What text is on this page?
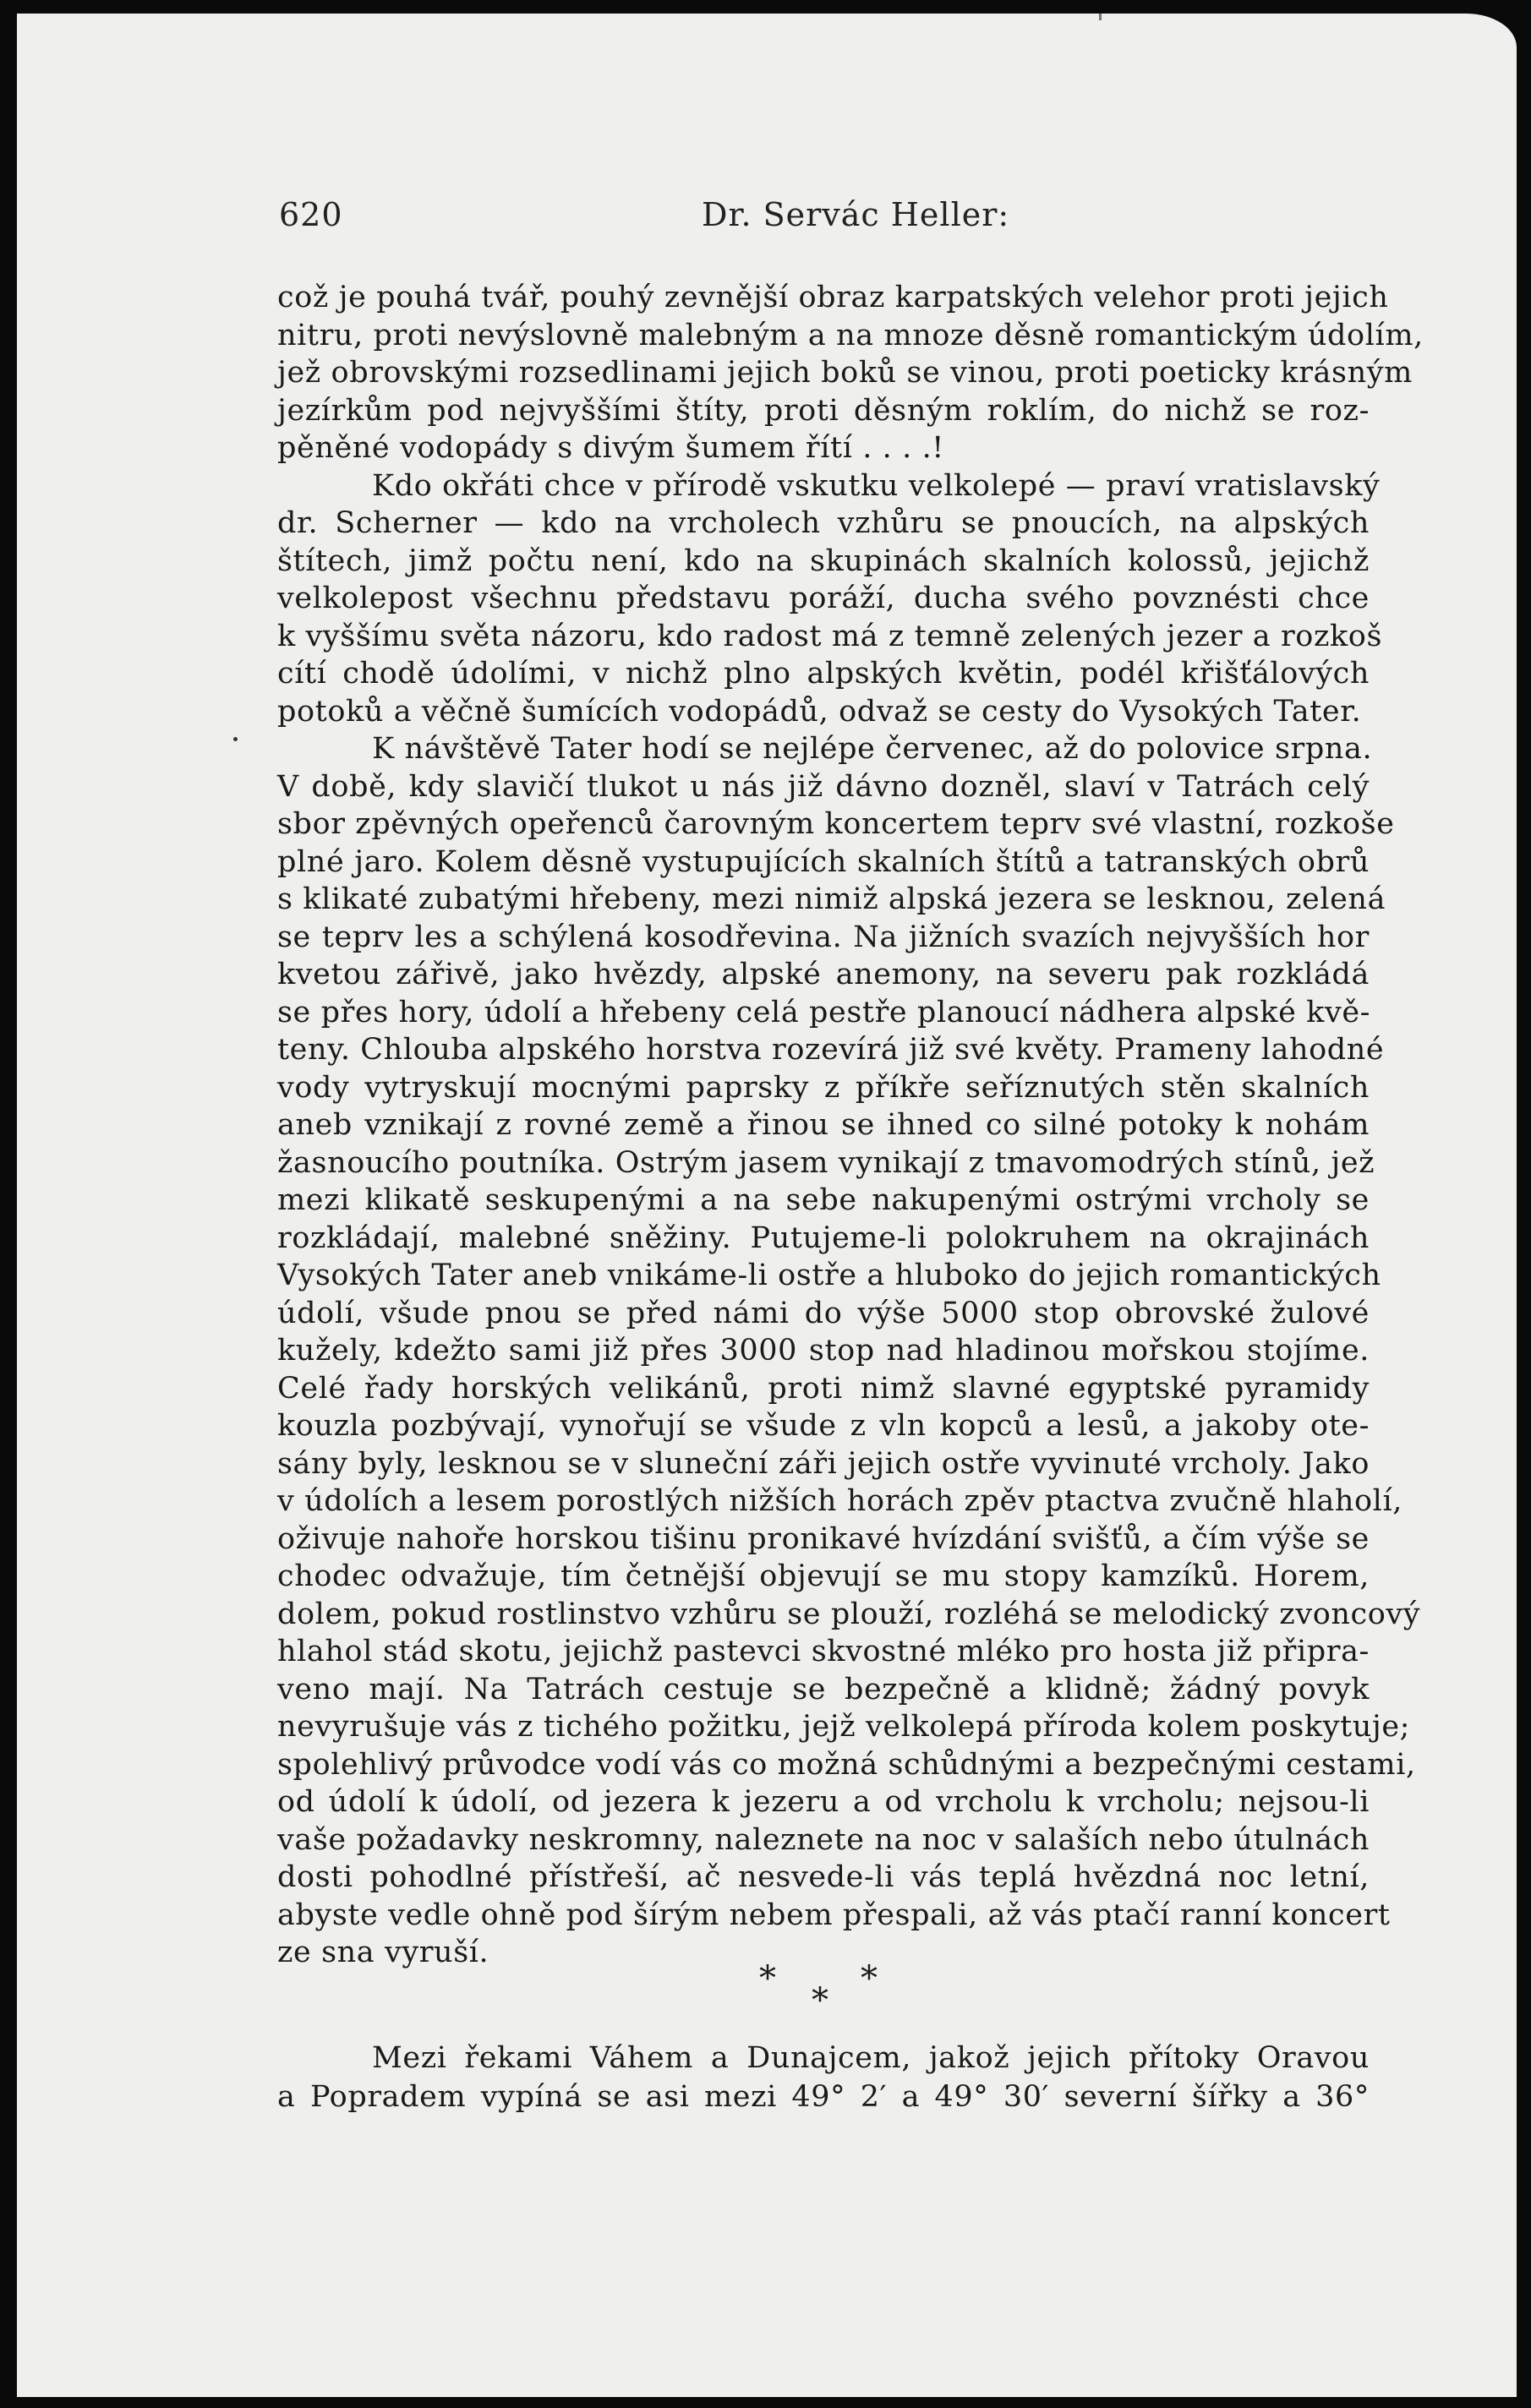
620	Dr. Servác Heller:
což je pouhá tvář, pouhý zevnější obraz karpatských velehor proti jejich
nitru, proti nevýslovně malebným a na mnoze děsně romantickým údolím,
jež obrovskými rozsedlinami jejich boků se vinou, proti poeticky krásným
jezírkům pod nejvyššími štíty, proti děsným roklím, do nichž se roz-
pěněné vodopády s divým šumem řítí . . . .!
Kdo okřáti chce v přírodě vskutku velkolepé — praví vratislavský
dr. Scherner — kdo na vrcholech vzhůru se pnoucích, na alpských
štítech, jimž počtu není, kdo na skupinách skalních kolossů, jejichž
velkolepost všechnu představu poráží, ducha svého povznésti chce
k vyššímu světa názoru, kdo radost má z temně zelených jezer a rozkoš
cítí chodě údolími, v nichž plno alpských květin, podél křišťálových
potoků a věčně šumících vodopádů, odvaž se cesty do Vysokých Tater.
K návštěvě Tater hodí se nejlépe červenec, až do polovice srpna.
V době, kdy slavičí tlukot u nás již dávno dozněl, slaví v Tatrách celý
sbor zpěvných opeřenců čarovným koncertem teprv své vlastní, rozkoše
plné jaro. Kolem děsně vystupujících skalních štítů a tatranských obrů
s klikaté zubatými hřebeny, mezi nimiž alpská jezera se lesknou, zelená
se teprv les a schýlená kosodřevina. Na jižních svazích nejvyšších hor
kvetou zářivě, jako hvězdy, alpské anemony, na severu pak rozkládá
se přes hory, údolí a hřebeny celá pestře planoucí nádhera alpské kvě-
teny. Chlouba alpského horstva rozevírá již své květy. Prameny lahodné
vody vytryskují mocnými paprsky z příkře seříznutých stěn skalních
aneb vznikají z rovné země a řinou se ihned co silné potoky k nohám
žasnoucího poutníka. Ostrým jasem vynikají z tmavomodrých stínů, jež
mezi klikatě seskupenými a na sebe nakupenými ostrými vrcholy se
rozkládají, malebné sněžiny. Putujeme-li polokruhem na okrajinách
Vysokých Tater aneb vnikáme-li ostře a hluboko do jejich romantických
údolí, všude pnou se před námi do výše 5000 stop obrovské žulové
kužely, kdežto sami již přes 3000 stop nad hladinou mořskou stojíme.
Celé řady horských velikánů, proti nimž slavné egyptské pyramidy
kouzla pozbývají, vynořují se všude z vln kopců a lesů, a jakoby ote-
sány byly, lesknou se v sluneční záři jejich ostře vyvinuté vrcholy. Jako
v údolích a lesem porostlých nižších horách zpěv ptactva zvučně hlaholí,
oživuje nahoře horskou tišinu pronikavé hvízdání svišťů, a čím výše se
chodec odvažuje, tím četnější objevují se mu stopy kamzíků. Horem,
dolem, pokud rostlinstvo vzhůru se plouží, rozléhá se melodický zvoncový
hlahol stád skotu, jejichž pastevci skvostné mléko pro hosta již připra-
veno mají. Na Tatrách cestuje se bezpečně a klidně; žádný povyk
nevyrušuje vás z tichého požitku, jejž velkolepá příroda kolem poskytuje;
spolehlivý průvodce vodí vás co možná schůdnými a bezpečnými cestami,
od údolí k údolí, od jezera k jezeru a od vrcholu k vrcholu; nejsou-li
vaše požadavky neskromny, naleznete na noc v salaších nebo útulnách
dosti pohodlné přístřeší, ač nesvede-li vás teplá hvězdná noc letní,
abyste vedle ohně pod šírým nebem přespali, až vás ptačí ranní koncert
ze sna vyruší.
*
*
*
Mezi řekami Váhem a Dunajcem, jakož jejich přítoky Oravou
a Popradem vypíná se asi mezi 49° 2′ a 49° 30′ severní šířky a 36°
